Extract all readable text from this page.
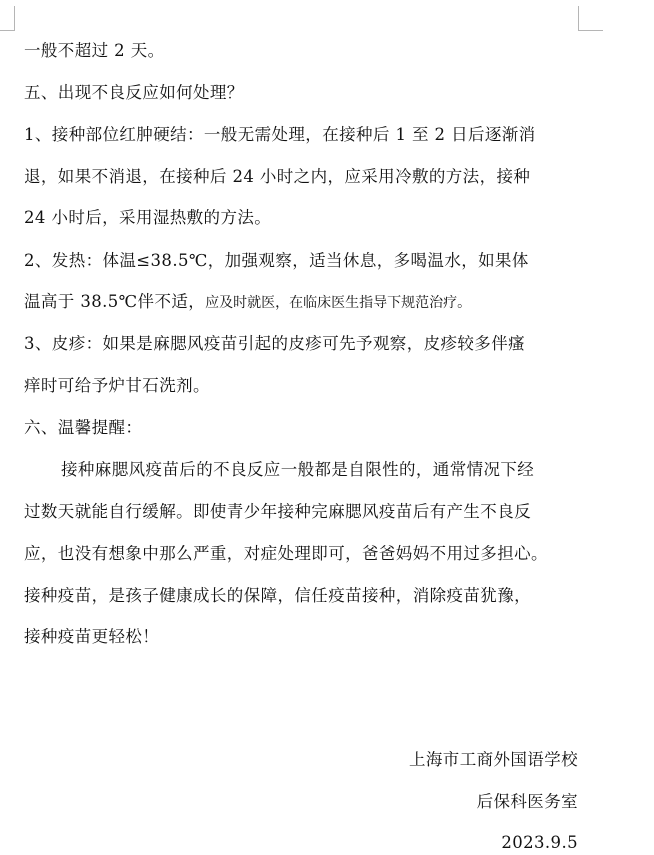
一般不超过 2 天。
五、出现不良反应如何处理？
1、接种部位红肿硬结：一般无需处理，在接种后 1 至 2 日后逐渐消
退，如果不消退，在接种后 24 小时之内，应采用冷敷的方法，接种
24 小时后，采用湿热敷的方法。
2、发热：体温≤38.5℃，加强观察，适当休息，多喝温水，如果体
温高于 38.5℃伴不适，应及时就医，在临床医生指导下规范治疗。
3、皮疹：如果是麻腮风疫苗引起的皮疹可先予观察，皮疹较多伴瘙
痒时可给予炉甘石洗剂。
六、温馨提醒：
接种麻腮风疫苗后的不良反应一般都是自限性的，通常情况下经
过数天就能自行缓解。即使青少年接种完麻腮风疫苗后有产生不良反
应，也没有想象中那么严重，对症处理即可，爸爸妈妈不用过多担心。
接种疫苗，是孩子健康成长的保障，信任疫苗接种，消除疫苗犹豫，
接种疫苗更轻松！
上海市工商外国语学校
后保科医务室
2023.9.5
